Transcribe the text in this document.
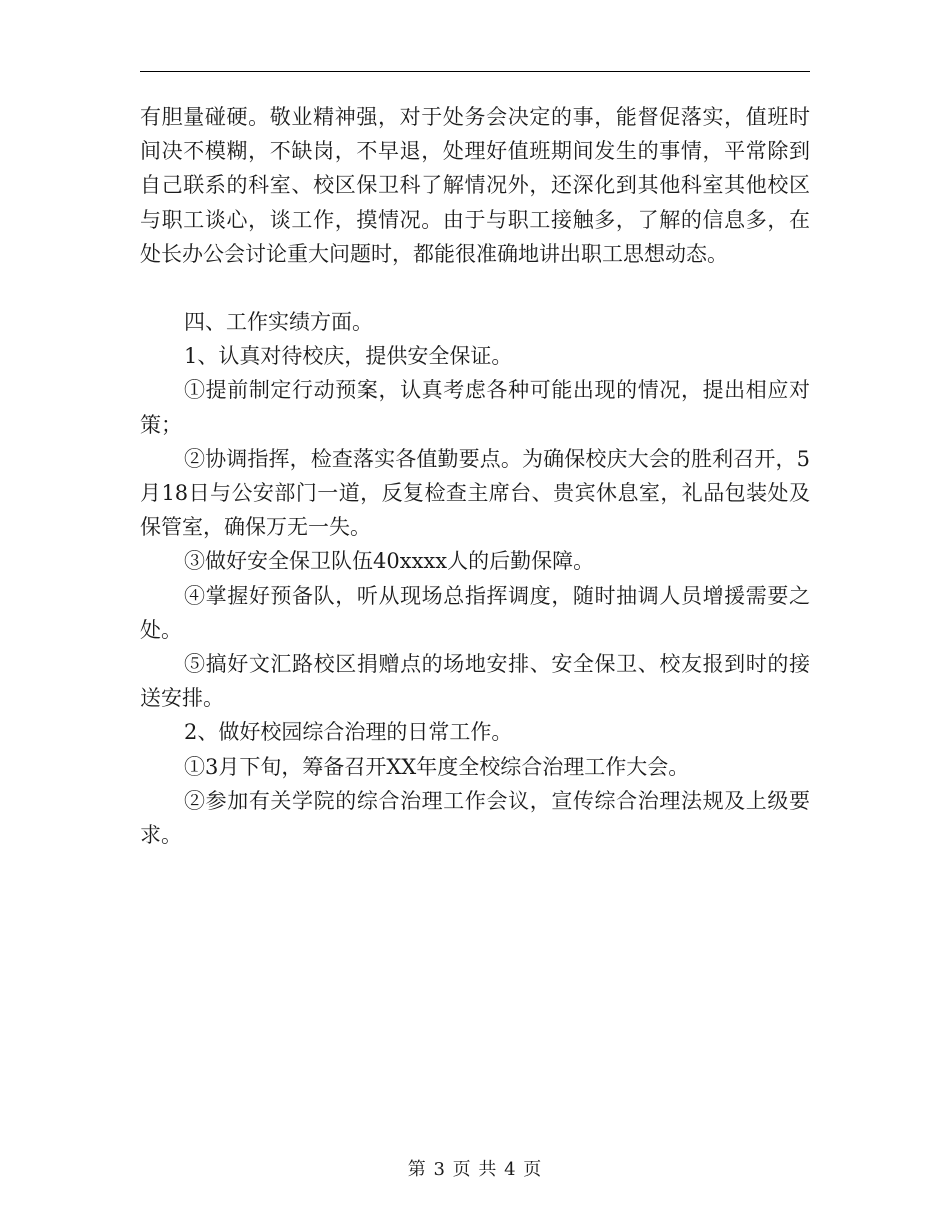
有胆量碰硬。敬业精神强，对于处务会决定的事，能督促落实，值班时间决不模糊，不缺岗，不早退，处理好值班期间发生的事情，平常除到自己联系的科室、校区保卫科了解情况外，还深化到其他科室其他校区与职工谈心，谈工作，摸情况。由于与职工接触多，了解的信息多，在处长办公会讨论重大问题时，都能很准确地讲出职工思想动态。

四、工作实绩方面。

1、认真对待校庆，提供安全保证。

①提前制定行动预案，认真考虑各种可能出现的情况，提出相应对策；

②协调指挥，检查落实各值勤要点。为确保校庆大会的胜利召开，5月18日与公安部门一道，反复检查主席台、贵宾休息室，礼品包装处及保管室，确保万无一失。

③做好安全保卫队伍40xxxx人的后勤保障。

④掌握好预备队，听从现场总指挥调度，随时抽调人员增援需要之处。

⑤搞好文汇路校区捐赠点的场地安排、安全保卫、校友报到时的接送安排。

2、做好校园综合治理的日常工作。

①3月下旬，筹备召开XX年度全校综合治理工作大会。

②参加有关学院的综合治理工作会议，宣传综合治理法规及上级要求。

第 3 页 共 4 页
